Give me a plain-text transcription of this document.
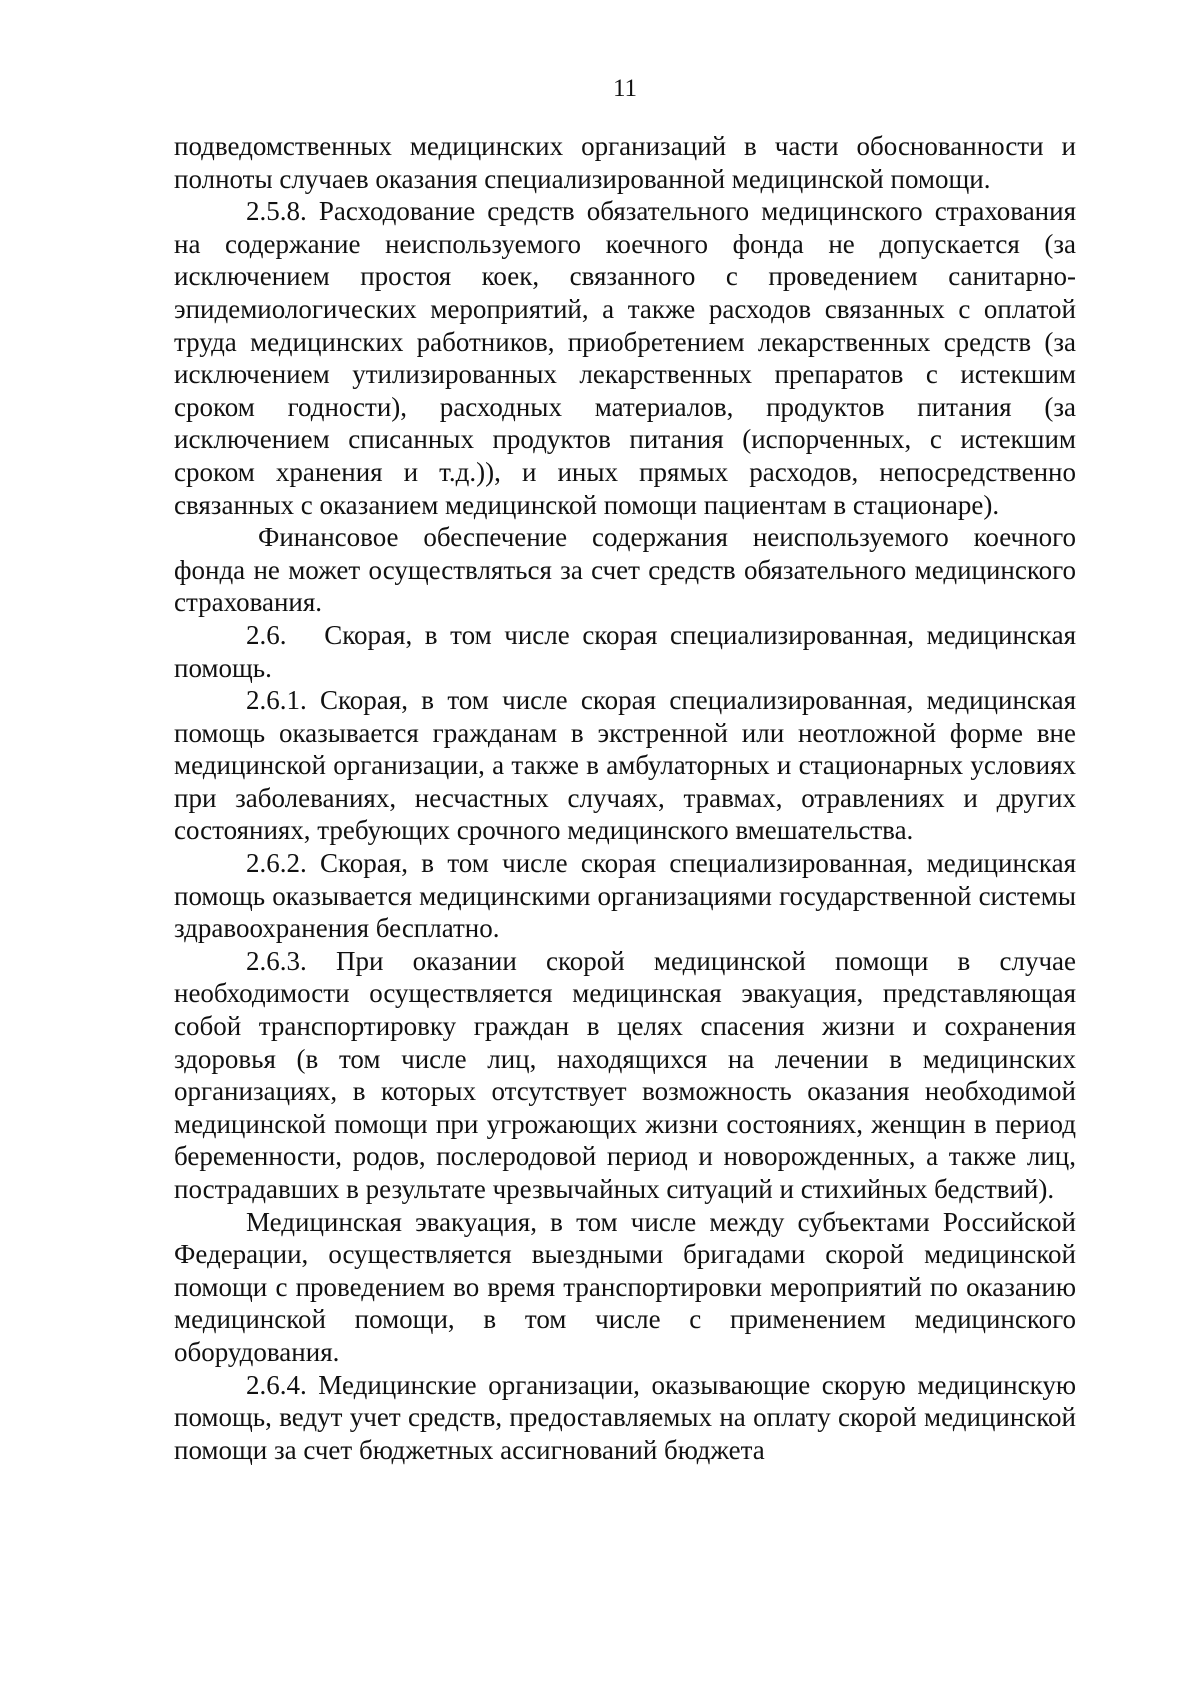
11

подведомственных медицинских организаций в части обоснованности и полноты случаев оказания специализированной медицинской помощи.

2.5.8. Расходование средств обязательного медицинского страхования на содержание неиспользуемого коечного фонда не допускается (за исключением простоя коек, связанного с проведением санитарно-эпидемиологических мероприятий, а также расходов связанных с оплатой труда медицинских работников, приобретением лекарственных средств (за исключением утилизированных лекарственных препаратов с истекшим сроком годности), расходных материалов, продуктов питания (за исключением списанных продуктов питания (испорченных, с истекшим сроком хранения и т.д.)), и иных прямых расходов, непосредственно связанных с оказанием медицинской помощи пациентам в стационаре).

Финансовое обеспечение содержания неиспользуемого коечного фонда не может осуществляться за счет средств обязательного медицинского страхования.

2.6.   Скорая, в том числе скорая специализированная, медицинская помощь.

2.6.1. Скорая, в том числе скорая специализированная, медицинская помощь оказывается гражданам в экстренной или неотложной форме вне медицинской организации, а также в амбулаторных и стационарных условиях при заболеваниях, несчастных случаях, травмах, отравлениях и других состояниях, требующих срочного медицинского вмешательства.

2.6.2. Скорая, в том числе скорая специализированная, медицинская помощь оказывается медицинскими организациями государственной системы здравоохранения бесплатно.

2.6.3. При оказании скорой медицинской помощи в случае необходимости осуществляется медицинская эвакуация, представляющая собой транспортировку граждан в целях спасения жизни и сохранения здоровья (в том числе лиц, находящихся на лечении в медицинских организациях, в которых отсутствует возможность оказания необходимой медицинской помощи при угрожающих жизни состояниях, женщин в период беременности, родов, послеродовой период и новорожденных, а также лиц, пострадавших в результате чрезвычайных ситуаций и стихийных бедствий).

Медицинская эвакуация, в том числе между субъектами Российской Федерации, осуществляется выездными бригадами скорой медицинской помощи с проведением во время транспортировки мероприятий по оказанию медицинской помощи, в том числе с применением медицинского оборудования.

2.6.4. Медицинские организации, оказывающие скорую медицинскую помощь, ведут учет средств, предоставляемых на оплату скорой медицинской помощи за счет бюджетных ассигнований бюджета
